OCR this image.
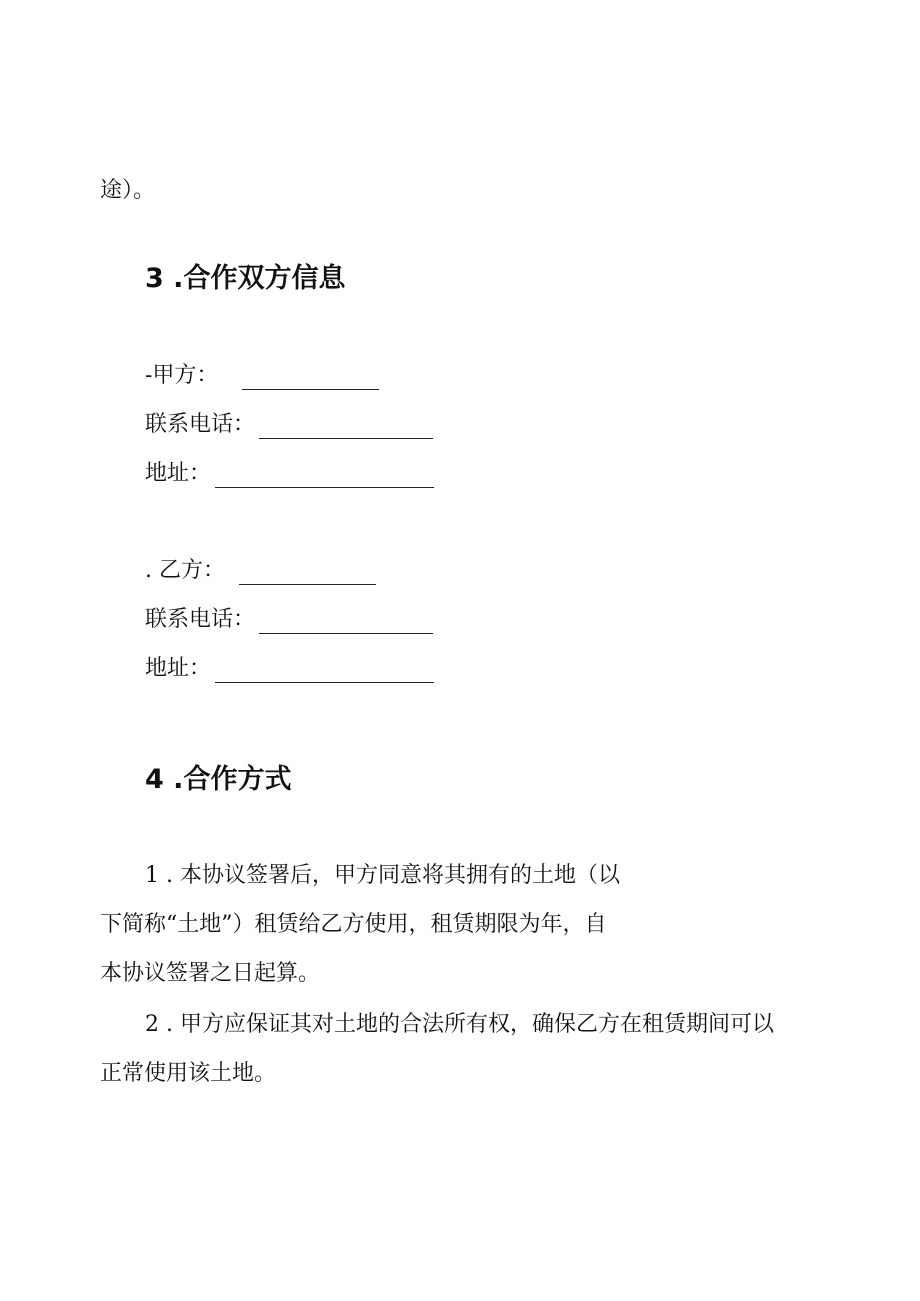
途）。
3 .合作双方信息
-甲方：
联系电话：
地址：
. 乙方：
联系电话：
地址：
4 .合作方式
1 . 本协议签署后，甲方同意将其拥有的土地（以
下简称“土地”）租赁给乙方使用，租赁期限为年，自
本协议签署之日起算。
2 . 甲方应保证其对土地的合法所有权，确保乙方在租赁期间可以
正常使用该土地。
